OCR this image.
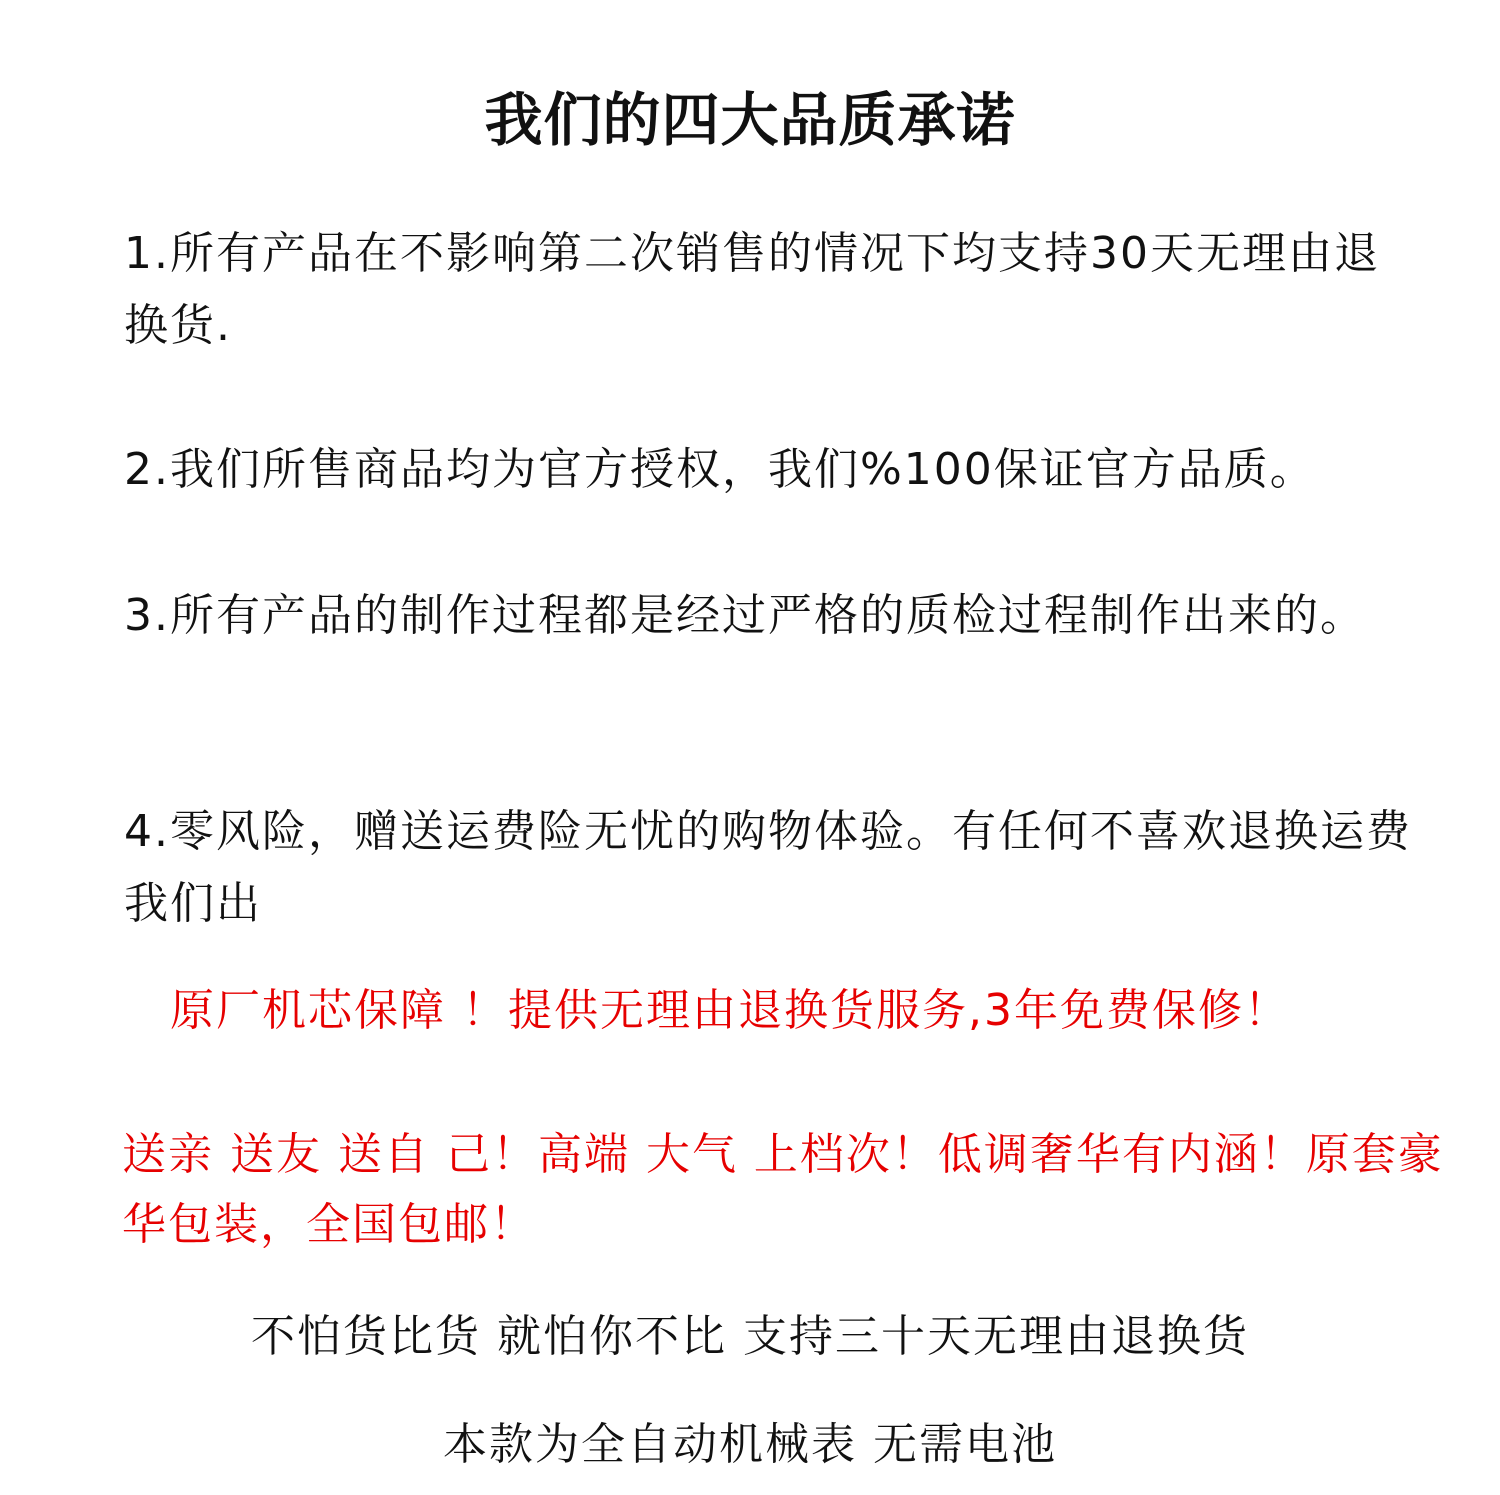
我们的四大品质承诺

1.所有产品在不影响第二次销售的情况下均支持30天无理由退换货.

2.我们所售商品均为官方授权，我们%100保证官方品质。

3.所有产品的制作过程都是经过严格的质检过程制作出来的。

4.零风险，赠送运费险无忧的购物体验。有任何不喜欢退换运费我们出

原厂机芯保障 ！提供无理由退换货服务,3年免费保修！
送亲 送友 送自 己！高端 大气 上档次！低调奢华有内涵！原套豪华包装，全国包邮！
不怕货比货 就怕你不比 支持三十天无理由退换货
本款为全自动机械表 无需电池
